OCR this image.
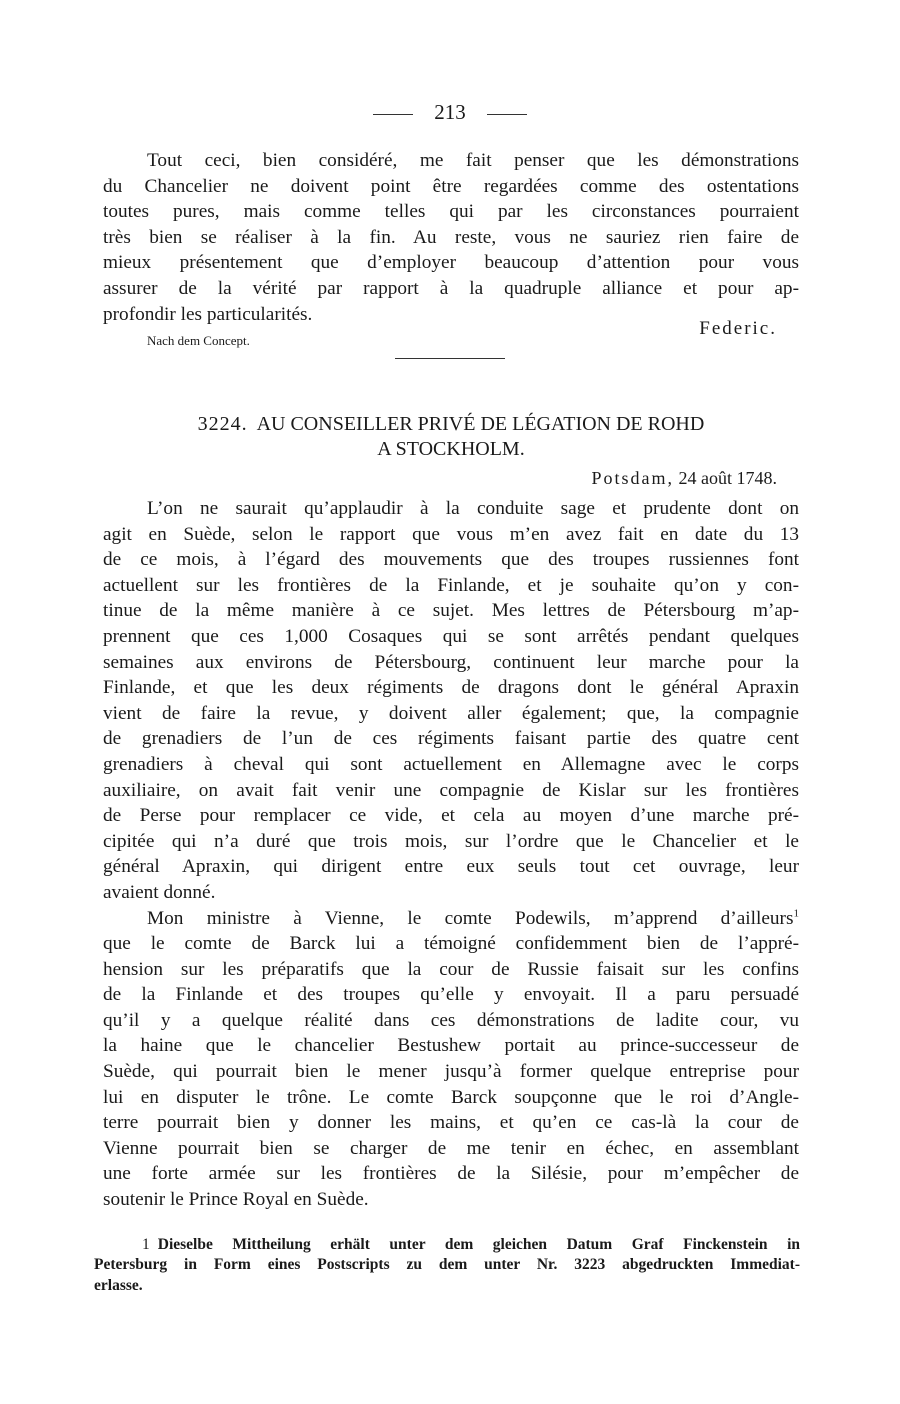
213

Tout ceci, bien considéré, me fait penser que les démonstrations

du Chancelier ne doivent point être regardées comme des ostentations

toutes pures, mais comme telles qui par les circonstances pourraient

très bien se réaliser à la fin. Au reste, vous ne sauriez rien faire de

mieux présentement que d’employer beaucoup d’attention pour vous

assurer de la vérité par rapport à la quadruple alliance et pour ap-

profondir les particularités.

Nach dem Concept.
Federic.
3224. AU CONSEILLER PRIVÉ DE LÉGATION DE ROHD
A STOCKHOLM.
Potsdam, 24 août 1748.

L’on ne saurait qu’applaudir à la conduite sage et prudente dont on

agit en Suède, selon le rapport que vous m’en avez fait en date du 13

de ce mois, à l’égard des mouvements que des troupes russiennes font

actuellent sur les frontières de la Finlande, et je souhaite qu’on y con-

tinue de la même manière à ce sujet. Mes lettres de Pétersbourg m’ap-

prennent que ces 1,000 Cosaques qui se sont arrêtés pendant quelques

semaines aux environs de Pétersbourg, continuent leur marche pour la

Finlande, et que les deux régiments de dragons dont le général Apraxin

vient de faire la revue, y doivent aller également; que, la compagnie

de grenadiers de l’un de ces régiments faisant partie des quatre cent

grenadiers à cheval qui sont actuellement en Allemagne avec le corps

auxiliaire, on avait fait venir une compagnie de Kislar sur les frontières

de Perse pour remplacer ce vide, et cela au moyen d’une marche pré-

cipitée qui n’a duré que trois mois, sur l’ordre que le Chancelier et le

général Apraxin, qui dirigent entre eux seuls tout cet ouvrage, leur

avaient donné.

Mon ministre à Vienne, le comte Podewils, m’apprend d’ailleurs$^1$

que le comte de Barck lui a témoigné confidemment bien de l’appré-

hension sur les préparatifs que la cour de Russie faisait sur les confins

de la Finlande et des troupes qu’elle y envoyait. Il a paru persuadé

qu’il y a quelque réalité dans ces démonstrations de ladite cour, vu

la haine que le chancelier Bestushew portait au prince-successeur de

Suède, qui pourrait bien le mener jusqu’à former quelque entreprise pour

lui en disputer le trône. Le comte Barck soupçonne que le roi d’Angle-

terre pourrait bien y donner les mains, et qu’en ce cas-là la cour de

Vienne pourrait bien se charger de me tenir en échec, en assemblant

une forte armée sur les frontières de la Silésie, pour m’empêcher de

soutenir le Prince Royal en Suède.

1 Dieselbe Mittheilung erhält unter dem gleichen Datum Graf Finckenstein in

Petersburg in Form eines Postscripts zu dem unter Nr. 3223 abgedruckten Immediat-

erlasse.
